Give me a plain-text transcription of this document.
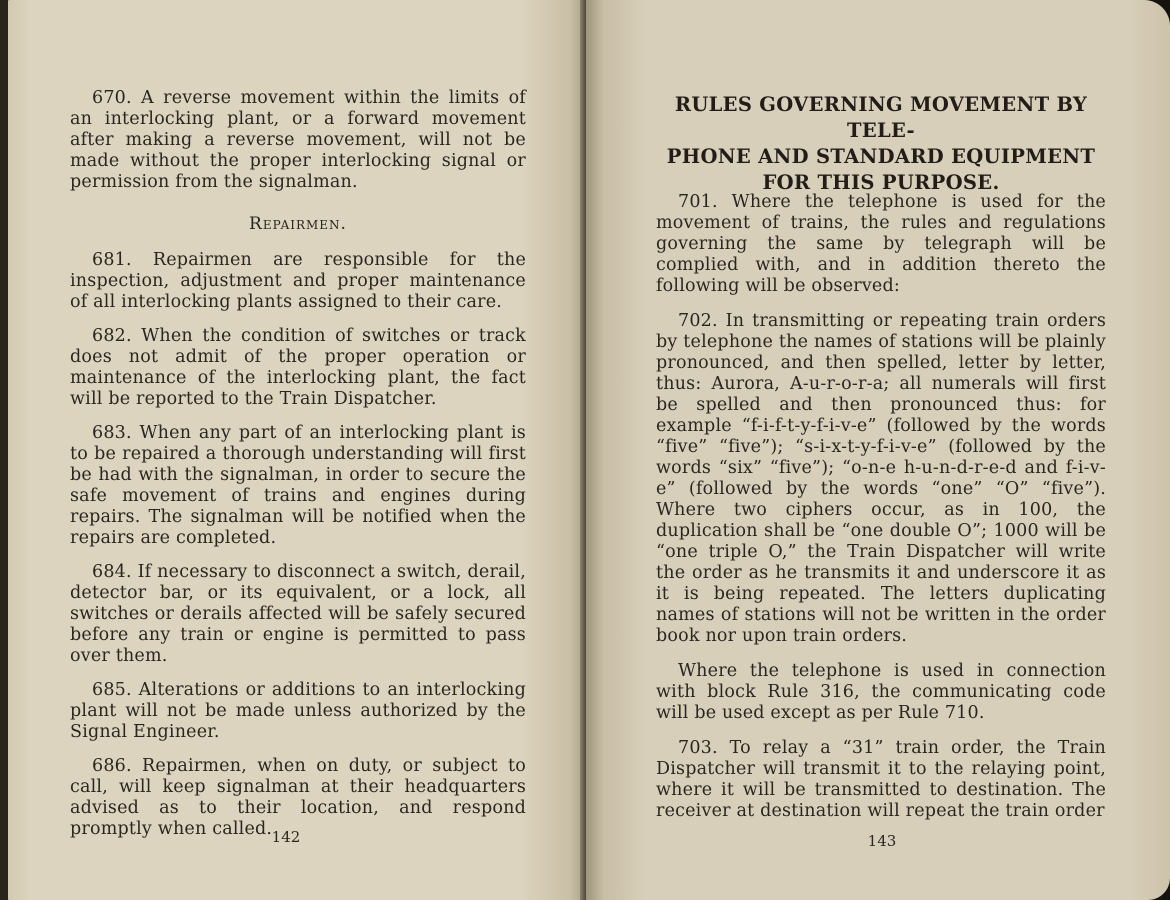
670. A reverse movement within the limits of an interlocking plant, or a forward movement after making a reverse movement, will not be made without the proper interlocking signal or permission from the signalman.

Repairmen.

681. Repairmen are responsible for the inspection, adjustment and proper maintenance of all interlocking plants assigned to their care.

682. When the condition of switches or track does not admit of the proper operation or maintenance of the interlocking plant, the fact will be reported to the Train Dispatcher.

683. When any part of an interlocking plant is to be repaired a thorough understanding will first be had with the signalman, in order to secure the safe movement of trains and engines during repairs. The signalman will be notified when the repairs are completed.

684. If necessary to disconnect a switch, derail, detector bar, or its equivalent, or a lock, all switches or derails affected will be safely secured before any train or engine is permitted to pass over them.

685. Alterations or additions to an interlocking plant will not be made unless authorized by the Signal Engineer.

686. Repairmen, when on duty, or subject to call, will keep signalman at their headquarters advised as to their location, and respond promptly when called. 142

RULES GOVERNING MOVEMENT BY TELE-
PHONE AND STANDARD EQUIPMENT
FOR THIS PURPOSE.

701. Where the telephone is used for the movement of trains, the rules and regulations governing the same by telegraph will be complied with, and in addition thereto the following will be observed:

702. In transmitting or repeating train orders by telephone the names of stations will be plainly pronounced, and then spelled, letter by letter, thus: Aurora, A-u-r-o-r-a; all numerals will first be spelled and then pronounced thus: for example “f-i-f-t-y-f-i-v-e” (followed by the words “five” “five”); “s-i-x-t-y-f-i-v-e” (followed by the words “six” “five”); “o-n-e h-u-n-d-r-e-d and f-i-v-e” (followed by the words “one” “O” “five”). Where two ciphers occur, as in 100, the duplication shall be “one double O”; 1000 will be “one triple O,” the Train Dispatcher will write the order as he transmits it and underscore it as it is being repeated. The letters duplicating names of stations will not be written in the order book nor upon train orders.

Where the telephone is used in connection with block Rule 316, the communicating code will be used except as per Rule 710.

703. To relay a “31” train order, the Train Dispatcher will transmit it to the relaying point, where it will be transmitted to destination. The receiver at destination will repeat the train order

143
